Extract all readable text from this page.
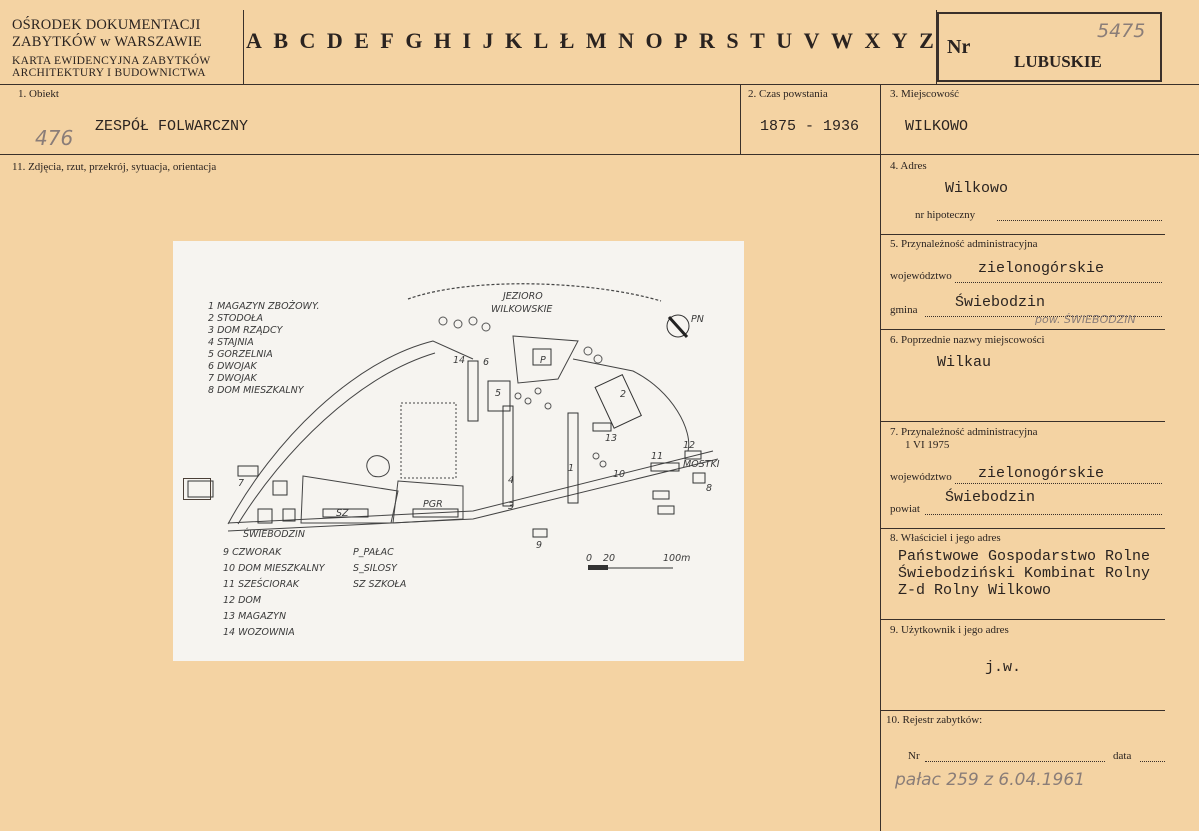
OŚRODEK DOKUMENTACJI
ZABYTKÓW w WARSZAWIE
KARTA EWIDENCYJNA ZABYTKÓW
ARCHITEKTURY I BUDOWNICTWA
A B C D E F G H I J K L Ł M N O P R S T U V W X Y Z Nr
LUBUSKIE
5475
1. Obiekt
476 ZESPÓŁ FOLWARCZNY
2. Czas powstania
1875 - 1936
3. Miejscowość
WILKOWO
11. Zdjęcia, rzut, przekrój, sytuacja, orientacja
JEZIORO
WILKOWSKIE
PN
P
5
6
14
2
13
1
11
10
12
8
4
3
9
7
PGR
SZ
ŚWIEBODZIN
MOSTKI
0 20	100m
1 MAGAZYN ZBOŻOWY.
2 STODOŁA
3 DOM RZĄDCY
4 STAJNIA
5 GORZELNIA
6 DWOJAK
7 DWOJAK
8 DOM MIESZKALNY
9 CZWORAK
10 DOM MIESZKALNY
11 SZEŚCIORAK
12 DOM
13 MAGAZYN
14 WOZOWNIA
P_PAŁAC
S_SILOSY
SZ SZKOŁA
4. Adres
Wilkowo
nr hipoteczny
5. Przynależność administracyjna
województwo zielonogórskie
gmina	Świebodzin
pow. ŚWIEBODZIN
6. Poprzednie nazwy miejscowości
Wilkau
7. Przynależność administracyjna
1 VI 1975
województwo zielonogórskie
powiat
Świebodzin
8. Właściciel i jego adres
Państwowe Gospodarstwo Rolne
Świebodziński Kombinat Rolny
Z-d Rolny Wilkowo
9. Użytkownik i jego adres
j.w.
10. Rejestr zabytków:
Nr	data
pałac 259 z 6.04.1961
